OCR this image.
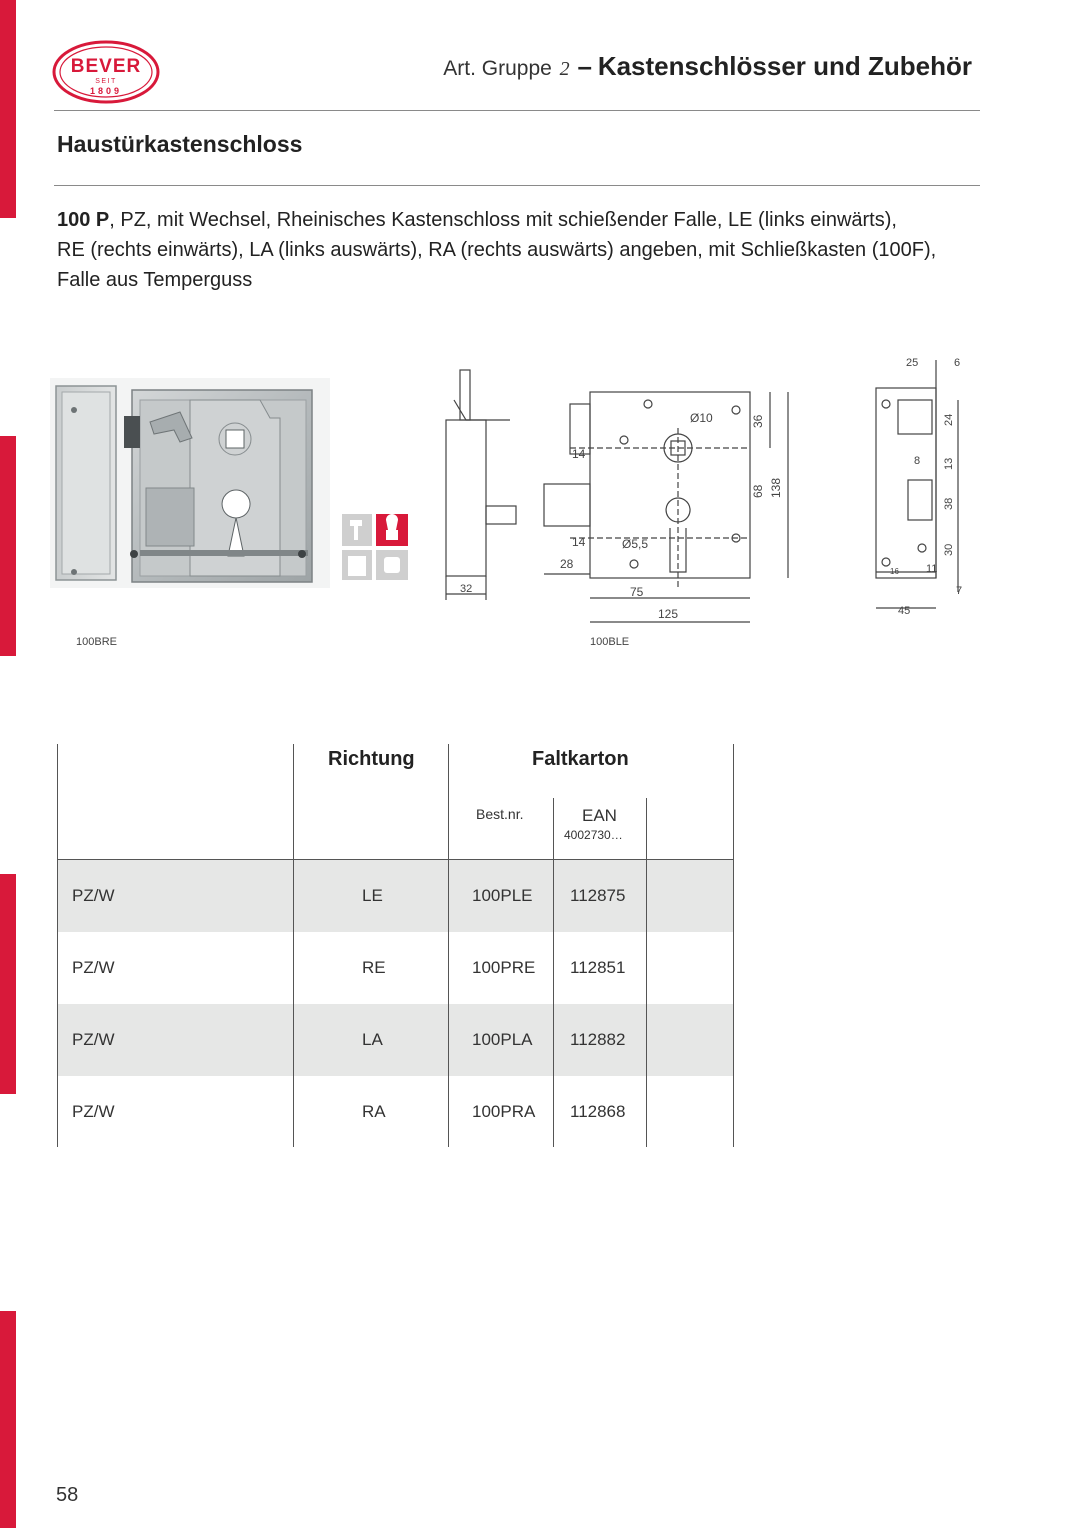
BEVER
SEIT
1809
Art. Gruppe 2 – Kastenschlösser und Zubehör
Haustürkastenschloss
100 P, PZ, mit Wechsel, Rheinisches Kastenschloss mit schießender Falle, LE (links einwärts),
RE (rechts einwärts), LA (links auswärts), RA (rechts auswärts) angeben, mit Schließkasten (100F),
Falle aus Temperguss
32
Ø10	36
14
68 138
14	Ø5,5
28
75
125
25	6
24
8 13
38
30
11
16
7
45
100BRE	100BLE
Richtung	Faltkarton
Best.nr.	EAN
4002730…
PZ/W	LE	100PLE 112875
PZ/W	RE	100PRE 112851
PZ/W	LA	100PLA 112882
PZ/W	RA	100PRA 112868
58
